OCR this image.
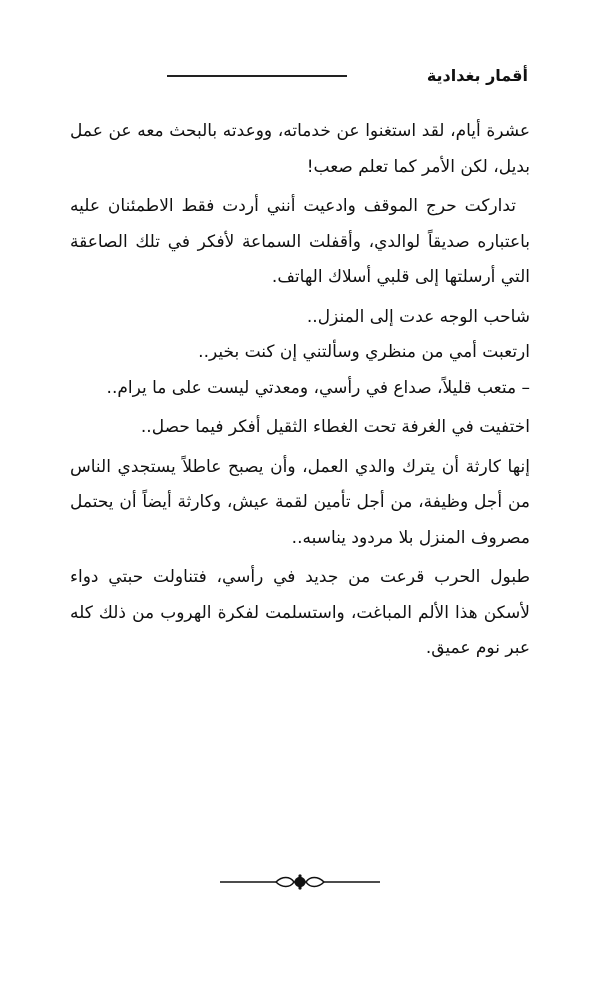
أقمار بغدادية

عشرة أيام، لقد استغنوا عن خدماته، ووعدته بالبحث معه عن عمل بديل، لكن الأمر كما تعلم صعب!

تداركت حرج الموقف وادعيت أنني أردت فقط الاطمئنان عليه باعتباره صديقاً لوالدي، وأقفلت السماعة لأفكر في تلك الصاعقة التي أرسلتها إلى قلبي أسلاك الهاتف.

شاحب الوجه عدت إلى المنزل..

ارتعبت أمي من منظري وسألتني إن كنت بخير..

– متعب قليلاً، صداع في رأسي، ومعدتي ليست على ما يرام..

اختفيت في الغرفة تحت الغطاء الثقيل أفكر فيما حصل..

إنها كارثة أن يترك والدي العمل، وأن يصبح عاطلاً يستجدي الناس من أجل وظيفة، من أجل تأمين لقمة عيش، وكارثة أيضاً أن يحتمل مصروف المنزل بلا مردود يناسبه..

طبول الحرب قرعت من جديد في رأسي، فتناولت حبتي دواء لأسكن هذا الألم المباغت، واستسلمت لفكرة الهروب من ذلك كله عبر نوم عميق.
